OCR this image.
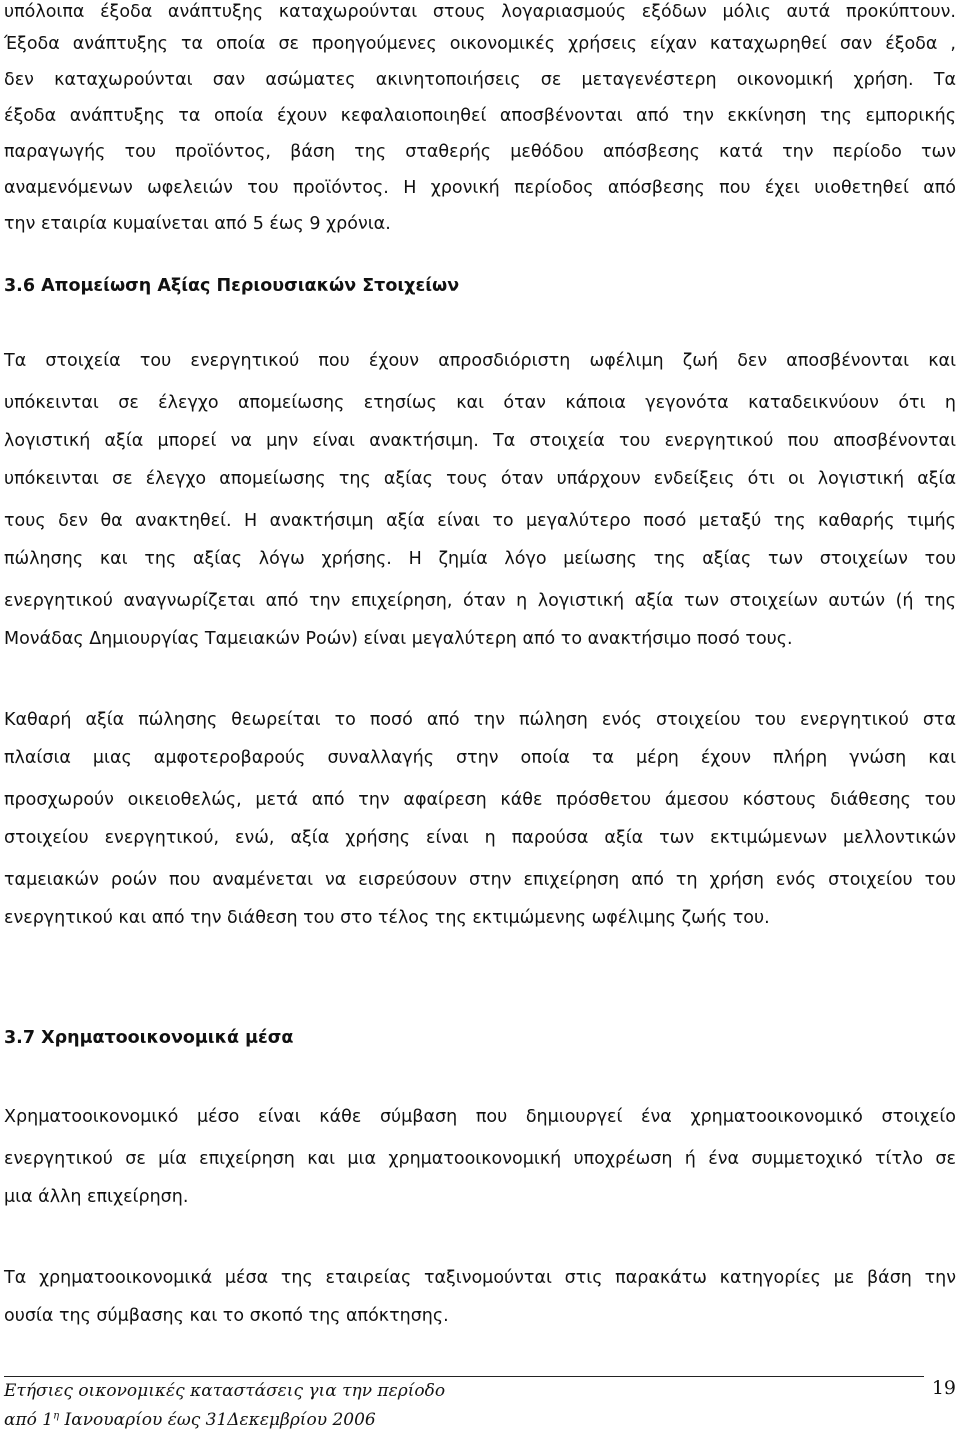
υπόλοιπα έξοδα ανάπτυξης καταχωρούνται στους λογαριασμούς εξόδων μόλις αυτά προκύπτουν.
Έξοδα ανάπτυξης τα οποία σε προηγούμενες οικονομικές χρήσεις είχαν καταχωρηθεί σαν έξοδα ,
δεν καταχωρούνται σαν ασώματες ακινητοποιήσεις σε μεταγενέστερη οικονομική χρήση. Τα
έξοδα ανάπτυξης τα οποία έχουν κεφαλαιοποιηθεί αποσβένονται από την εκκίνηση της εμπορικής
παραγωγής του προϊόντος, βάση της σταθερής μεθόδου απόσβεσης κατά την περίοδο των
αναμενόμενων ωφελειών του προϊόντος. Η χρονική περίοδος απόσβεσης που έχει υιοθετηθεί από
την εταιρία κυμαίνεται από 5 έως 9 χρόνια.
3.6 Απομείωση Αξίας Περιουσιακών Στοιχείων
Τα στοιχεία του ενεργητικού που έχουν απροσδιόριστη ωφέλιμη ζωή δεν αποσβένονται και
υπόκεινται σε έλεγχο απομείωσης ετησίως και όταν κάποια γεγονότα καταδεικνύουν ότι η
λογιστική αξία μπορεί να μην είναι ανακτήσιμη. Τα στοιχεία του ενεργητικού που αποσβένονται
υπόκεινται σε έλεγχο απομείωσης της αξίας τους όταν υπάρχουν ενδείξεις ότι οι λογιστική αξία
τους δεν θα ανακτηθεί. Η ανακτήσιμη αξία είναι το μεγαλύτερο ποσό μεταξύ της καθαρής τιμής
πώλησης και της αξίας λόγω χρήσης. Η ζημία λόγο μείωσης της αξίας των στοιχείων του
ενεργητικού αναγνωρίζεται από την επιχείρηση, όταν η λογιστική αξία των στοιχείων αυτών (ή της
Μονάδας Δημιουργίας Ταμειακών Ροών) είναι μεγαλύτερη από το ανακτήσιμο ποσό τους.
Καθαρή αξία πώλησης θεωρείται το ποσό από την πώληση ενός στοιχείου του ενεργητικού στα
πλαίσια μιας αμφοτεροβαρούς συναλλαγής στην οποία τα μέρη έχουν πλήρη γνώση και
προσχωρούν οικειοθελώς, μετά από την αφαίρεση κάθε πρόσθετου άμεσου κόστους διάθεσης του
στοιχείου ενεργητικού, ενώ, αξία χρήσης είναι η παρούσα αξία των εκτιμώμενων μελλοντικών
ταμειακών ροών που αναμένεται να εισρεύσουν στην επιχείρηση από τη χρήση ενός στοιχείου του
ενεργητικού και από την διάθεση του στο τέλος της εκτιμώμενης ωφέλιμης ζωής του.
3.7 Χρηματοοικονομικά μέσα
Χρηματοοικονομικό μέσο είναι κάθε σύμβαση που δημιουργεί ένα χρηματοοικονομικό στοιχείο
ενεργητικού σε μία επιχείρηση και μια χρηματοοικονομική υποχρέωση ή ένα συμμετοχικό τίτλο σε
μια άλλη επιχείρηση.
Τα χρηματοοικονομικά μέσα της εταιρείας ταξινομούνται στις παρακάτω κατηγορίες με βάση την
ουσία της σύμβασης και το σκοπό της απόκτησης.
Ετήσιες οικονομικές καταστάσεις για την περίοδο
από $1^\eta$ Ιανουαρίου έως 31Δεκεμβρίου 2006
19
